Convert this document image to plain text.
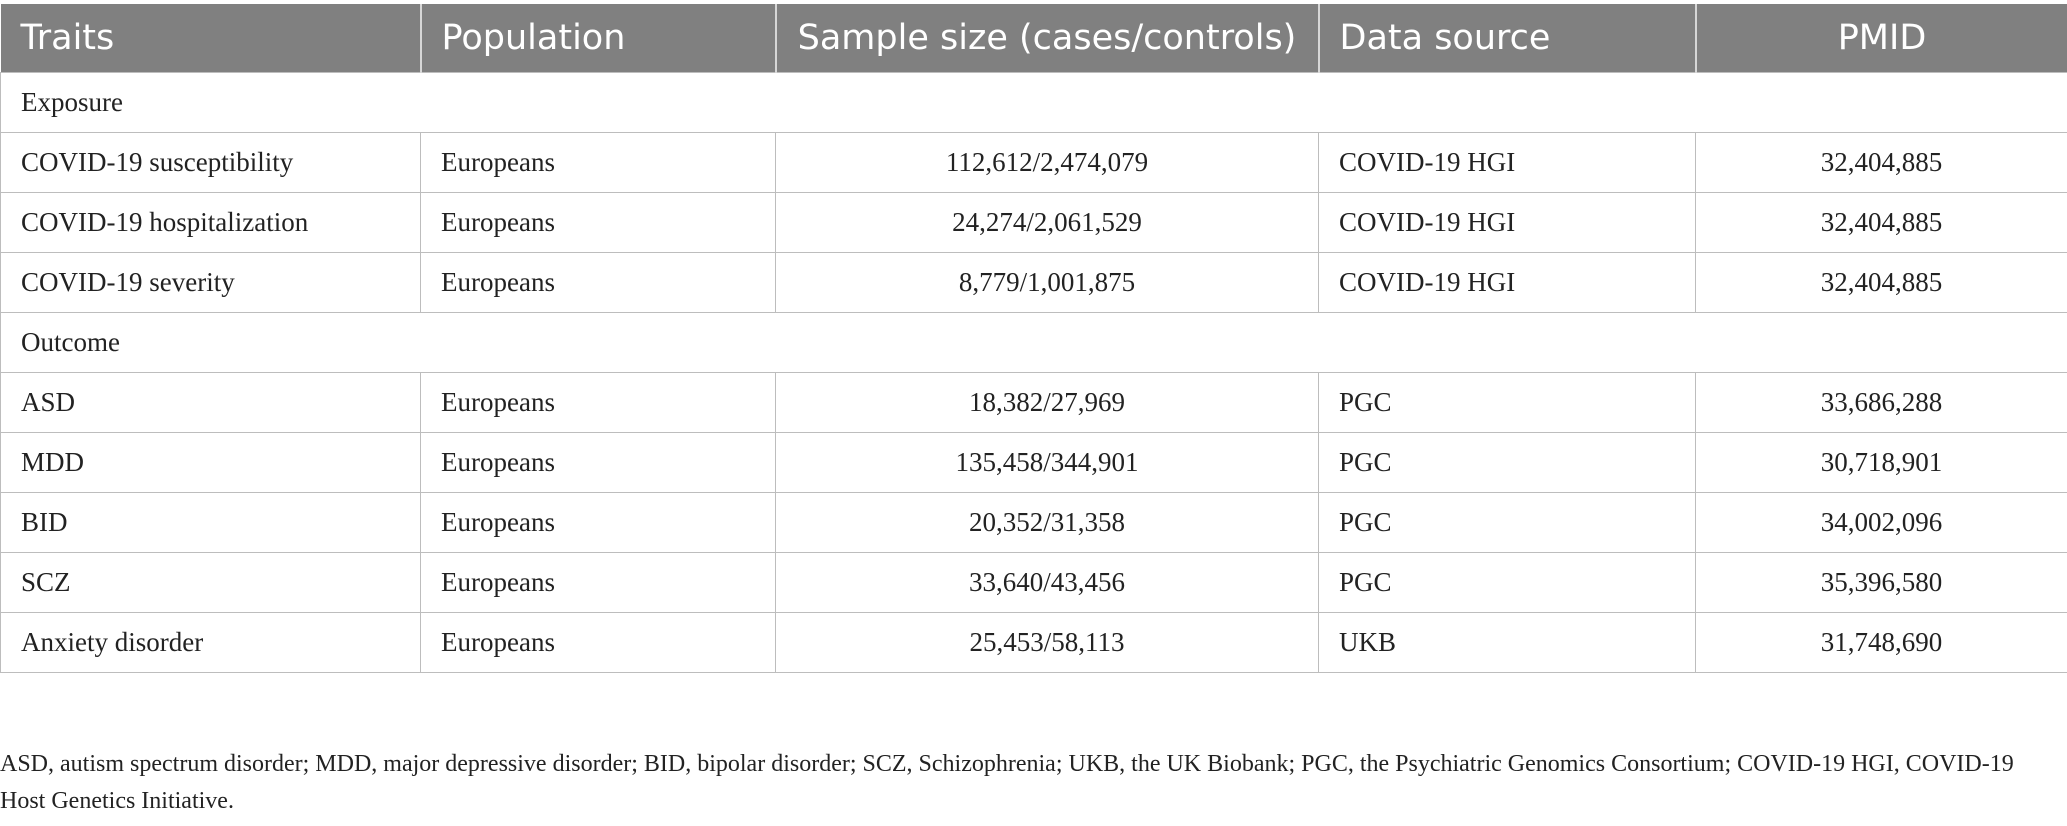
Traits	Population	Sample size (cases/controls)	Data source	PMID
Exposure				
COVID-19 susceptibility	Europeans	112,612/2,474,079	COVID-19 HGI	32,404,885
COVID-19 hospitalization	Europeans	24,274/2,061,529	COVID-19 HGI	32,404,885
COVID-19 severity	Europeans	8,779/1,001,875	COVID-19 HGI	32,404,885
Outcome				
ASD	Europeans	18,382/27,969	PGC	33,686,288
MDD	Europeans	135,458/344,901	PGC	30,718,901
BID	Europeans	20,352/31,358	PGC	34,002,096
SCZ	Europeans	33,640/43,456	PGC	35,396,580
Anxiety disorder	Europeans	25,453/58,113	UKB	31,748,690
ASD, autism spectrum disorder; MDD, major depressive disorder; BID, bipolar disorder; SCZ, Schizophrenia; UKB, the UK Biobank; PGC, the Psychiatric Genomics Consortium; COVID-19 HGI, COVID-19 Host Genetics Initiative.
